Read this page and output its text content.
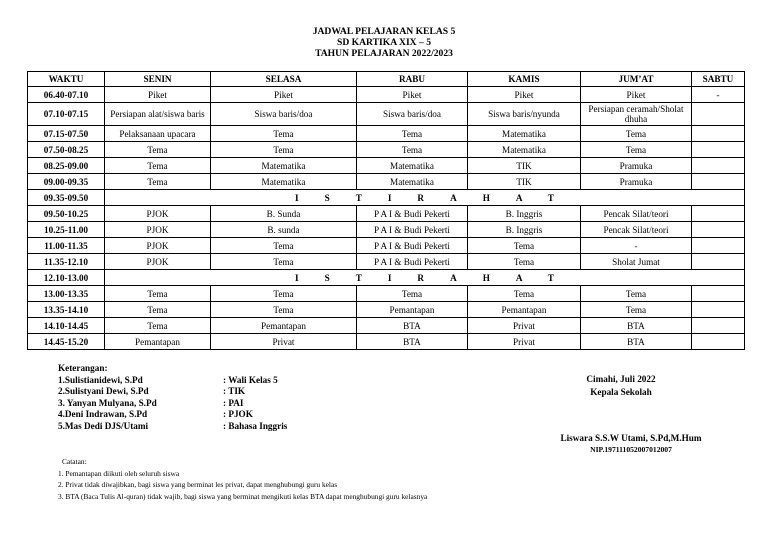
JADWAL PELAJARAN KELAS 5
SD KARTIKA XIX – 5
TAHUN PELAJARAN 2022/2023
WAKTU	SENIN	SELASA	RABU	KAMIS	JUM’AT	SABTU
06.40-07.10	Piket	Piket	Piket	Piket	Piket	-
07.10-07.15	Persiapan alat/siswa baris	Siswa baris/doa	Siswa baris/doa	Siswa baris/nyunda	Persiapan ceramah/Sholat dhuha	
07.15-07.50	Pelaksanaan upacara	Tema	Tema	Matematika	Tema	
07.50-08.25	Tema	Tema	Tema	Matematika	Tema	
08.25-09.00	Tema	Matematika	Matematika	TIK	Pramuka	
09.00-09.35	Tema	Matematika	Matematika	TIK	Pramuka	
09.35-09.50	ISTIRAHAT					
09.50-10.25	PJOK	B. Sunda	P A I & Budi Pekerti	B. Inggris	Pencak Silat/teori	
10.25-11.00	PJOK	B. sunda	P A I & Budi Pekerti	B. Inggris	Pencak Silat/teori	
11.00-11.35	PJOK	Tema	P A I & Budi Pekerti	Tema	-	
11.35-12.10	PJOK	Tema	P A I & Budi Pekerti	Tema	Sholat Jumat	
12.10-13.00	ISTIRAHAT					
13.00-13.35	Tema	Tema	Tema	Tema	Tema	
13.35-14.10	Tema	Tema	Pemantapan	Pemantapan	Tema	
14.10-14.45	Tema	Pemantapan	BTA	Privat	BTA	
14.45-15.20	Pemantapan	Privat	BTA	Privat	BTA	
Keterangan:
1.Sulistianidewi, S.Pd	: Wali Kelas 5
2.Sulistyani Dewi, S.Pd	: TIK
3. Yanyan Mulyana, S.Pd	: PAI
4.Deni Indrawan, S.Pd	: PJOK
5.Mas Dedi DJS/Utami	: Bahasa Inggris
Cimahi, Juli 2022
Kepala Sekolah
Liswara S.S.W Utami, S.Pd,M.Hum
NIP.197111052007012007
Catatan:
1. Pemantapan diikuti oleh seluruh siswa
2. Privat tidak diwajibkan, bagi siswa yang berminat les privat, dapat menghubungi guru kelas
3. BTA (Baca Tulis Al-quran) tidak wajib, bagi siswa yang berminat mengikuti kelas BTA dapat menghubungi guru kelasnya
